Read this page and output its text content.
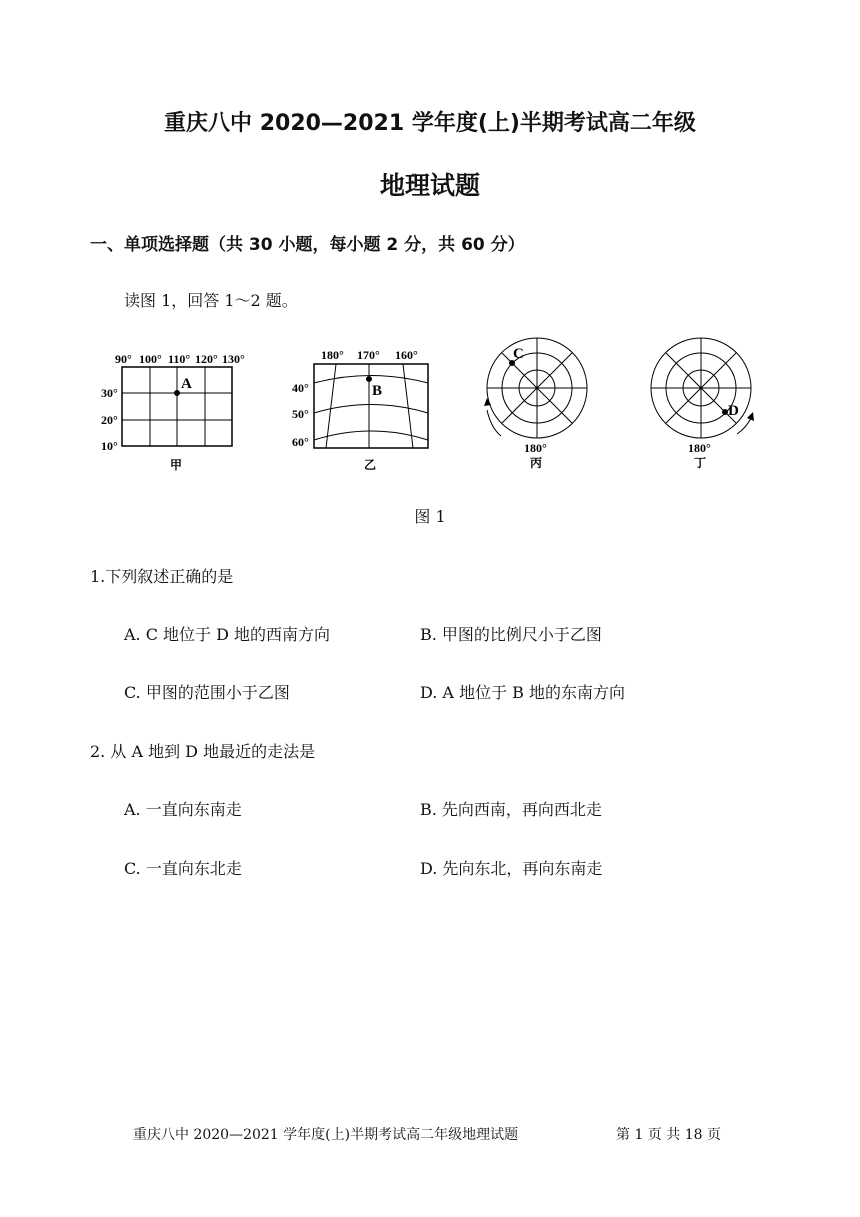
重庆八中 2020—2021 学年度(上)半期考试高二年级
地理试题
一、单项选择题（共 30 小题，每小题 2 分，共 60 分）
读图 1，回答 1～2 题。
90° 100° 110° 120° 130°
30°
20°
10°
A
甲
180° 170° 160°
40°
50°
60°
B
乙
C
180°
丙
D
180°
丁
图 1
1.下列叙述正确的是
A. C 地位于 D 地的西南方向	B. 甲图的比例尺小于乙图
C. 甲图的范围小于乙图	D. A 地位于 B 地的东南方向
2. 从 A 地到 D 地最近的走法是
A. 一直向东南走	B. 先向西南，再向西北走
C. 一直向东北走	D. 先向东北，再向东南走
重庆八中 2020—2021 学年度(上)半期考试高二年级地理试题	第 1 页 共 18 页
